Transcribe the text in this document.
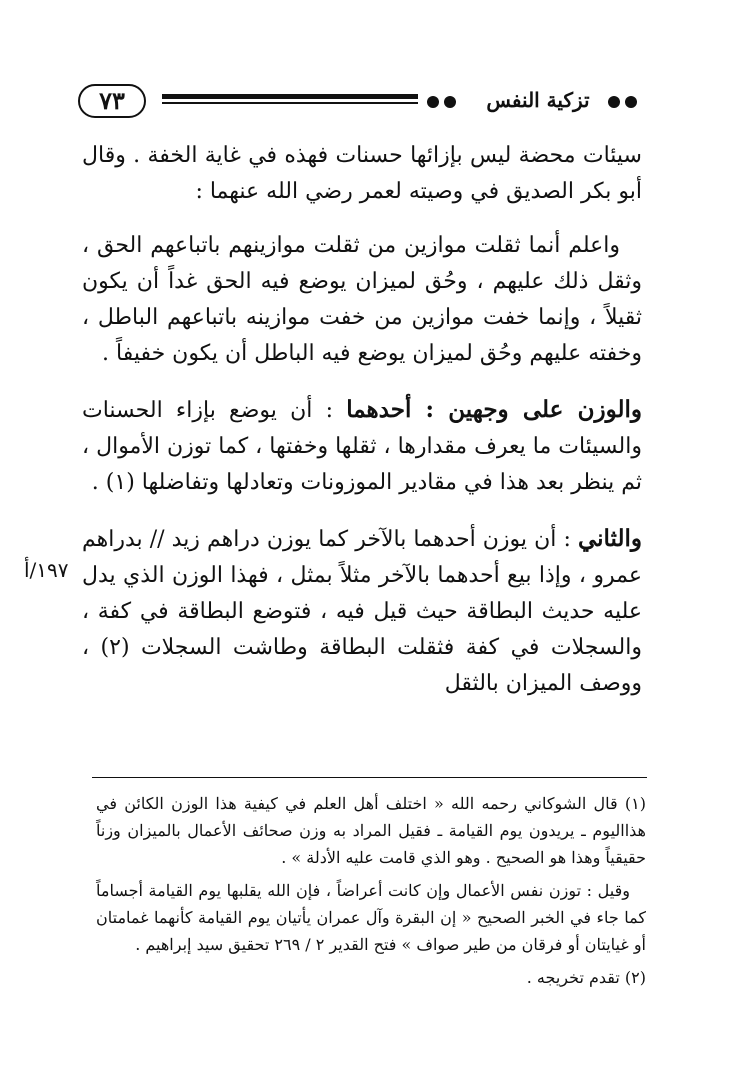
٧٣	تزكية النفس

سيئات محضة ليس بإزائها حسنات فهذه في غاية الخفة . وقال أبو بكر الصديق في وصيته لعمر رضي الله عنهما :

واعلم أنما ثقلت موازين من ثقلت موازينهم باتباعهم الحق ، وثقل ذلك عليهم ، وحُق لميزان يوضع فيه الحق غداً أن يكون ثقيلاً ، وإنما خفت موازين من خفت موازينه باتباعهم الباطل ، وخفته عليهم وحُق لميزان يوضع فيه الباطل أن يكون خفيفاً .

والوزن على وجهين : أحدهما : أن يوضع بإزاء الحسنات والسيئات ما يعرف مقدارها ، ثقلها وخفتها ، كما توزن الأموال ، ثم ينظر بعد هذا في مقادير الموزونات وتعادلها وتفاضلها (١) .

والثاني : أن يوزن أحدهما بالآخر كما يوزن دراهم زيد // بدراهم عمرو ، وإذا بيع أحدهما بالآخر مثلاً بمثل ، فهذا الوزن الذي يدل عليه حديث البطاقة حيث قيل فيه ، فتوضع البطاقة في كفة ، والسجلات في كفة فثقلت البطاقة وطاشت السجلات (٢) ، ووصف الميزان بالثقل

١٩٧/أ

(١) قال الشوكاني رحمه الله « اختلف أهل العلم في كيفية هذا الوزن الكائن في هذااليوم ـ يريدون يوم القيامة ـ فقيل المراد به وزن صحائف الأعمال بالميزان وزناً حقيقياً وهذا هو الصحيح . وهو الذي قامت عليه الأدلة » .

وقيل : توزن نفس الأعمال وإن كانت أعراضاً ، فإن الله يقلبها يوم القيامة أجساماً كما جاء في الخبر الصحيح « إن البقرة وآل عمران يأتيان يوم القيامة كأنهما غمامتان أو غيايتان أو فرقان من طير صواف » فتح القدير ٢ / ٢٦٩ تحقيق سيد إبراهيم .

(٢) تقدم تخريجه .
